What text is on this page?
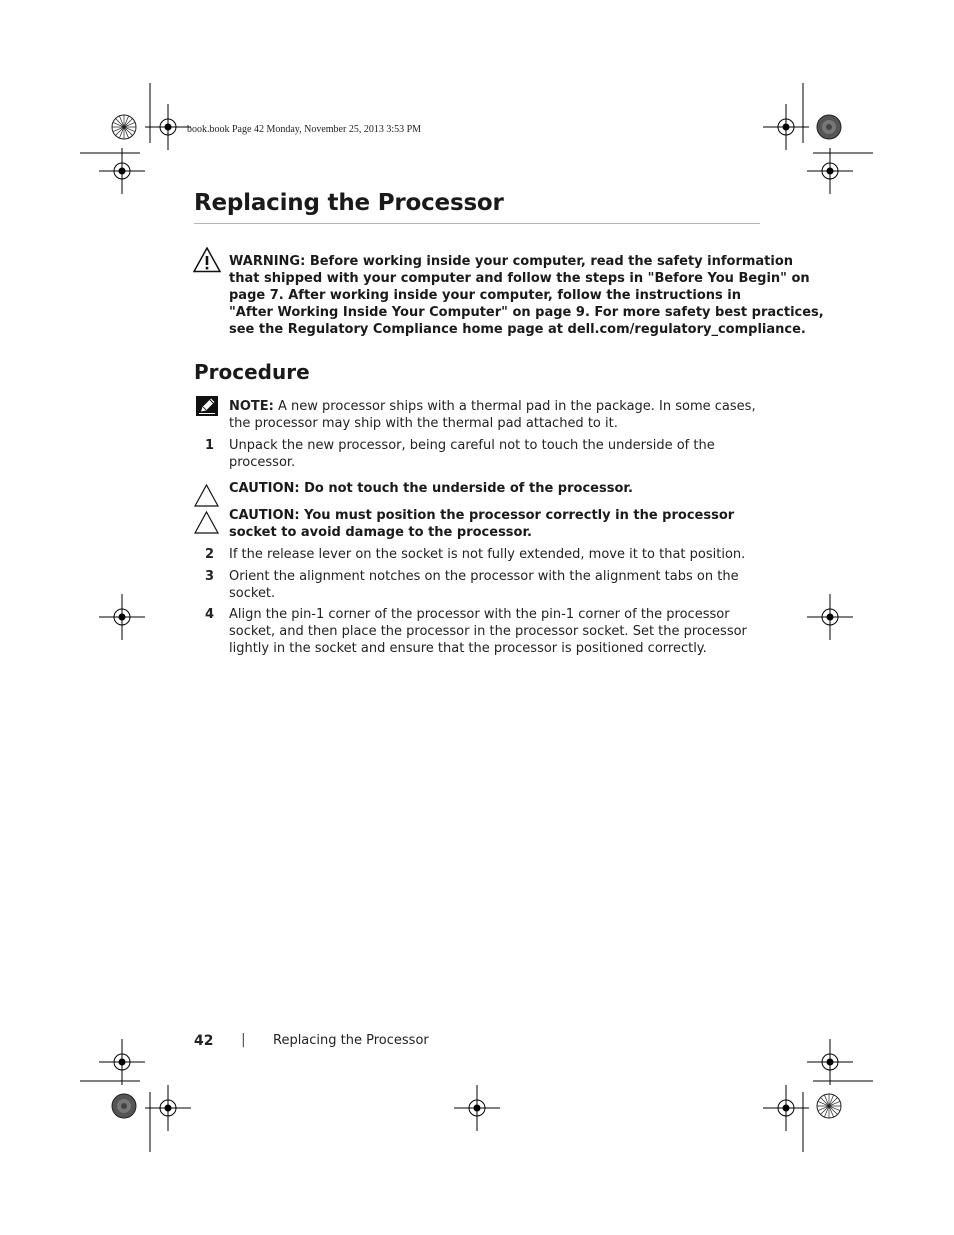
book.book Page 42 Monday, November 25, 2013 3:53 PM
Replacing the Processor
WARNING: Before working inside your computer, read the safety information
that shipped with your computer and follow the steps in "Before You Begin" on
page 7. After working inside your computer, follow the instructions in
"After Working Inside Your Computer" on page 9. For more safety best practices,
see the Regulatory Compliance home page at dell.com/regulatory_compliance.
Procedure
NOTE: A new processor ships with a thermal pad in the package. In some cases, the processor may ship with the thermal pad attached to it.
1 Unpack the new processor, being careful not to touch the underside of the processor.
CAUTION: Do not touch the underside of the processor.
CAUTION: You must position the processor correctly in the processor socket to avoid damage to the processor.
2 If the release lever on the socket is not fully extended, move it to that position.
3 Orient the alignment notches on the processor with the alignment tabs on the socket.
4 Align the pin-1 corner of the processor with the pin-1 corner of the processor socket, and then place the processor in the processor socket. Set the processor lightly in the socket and ensure that the processor is positioned correctly.
42 | Replacing the Processor
